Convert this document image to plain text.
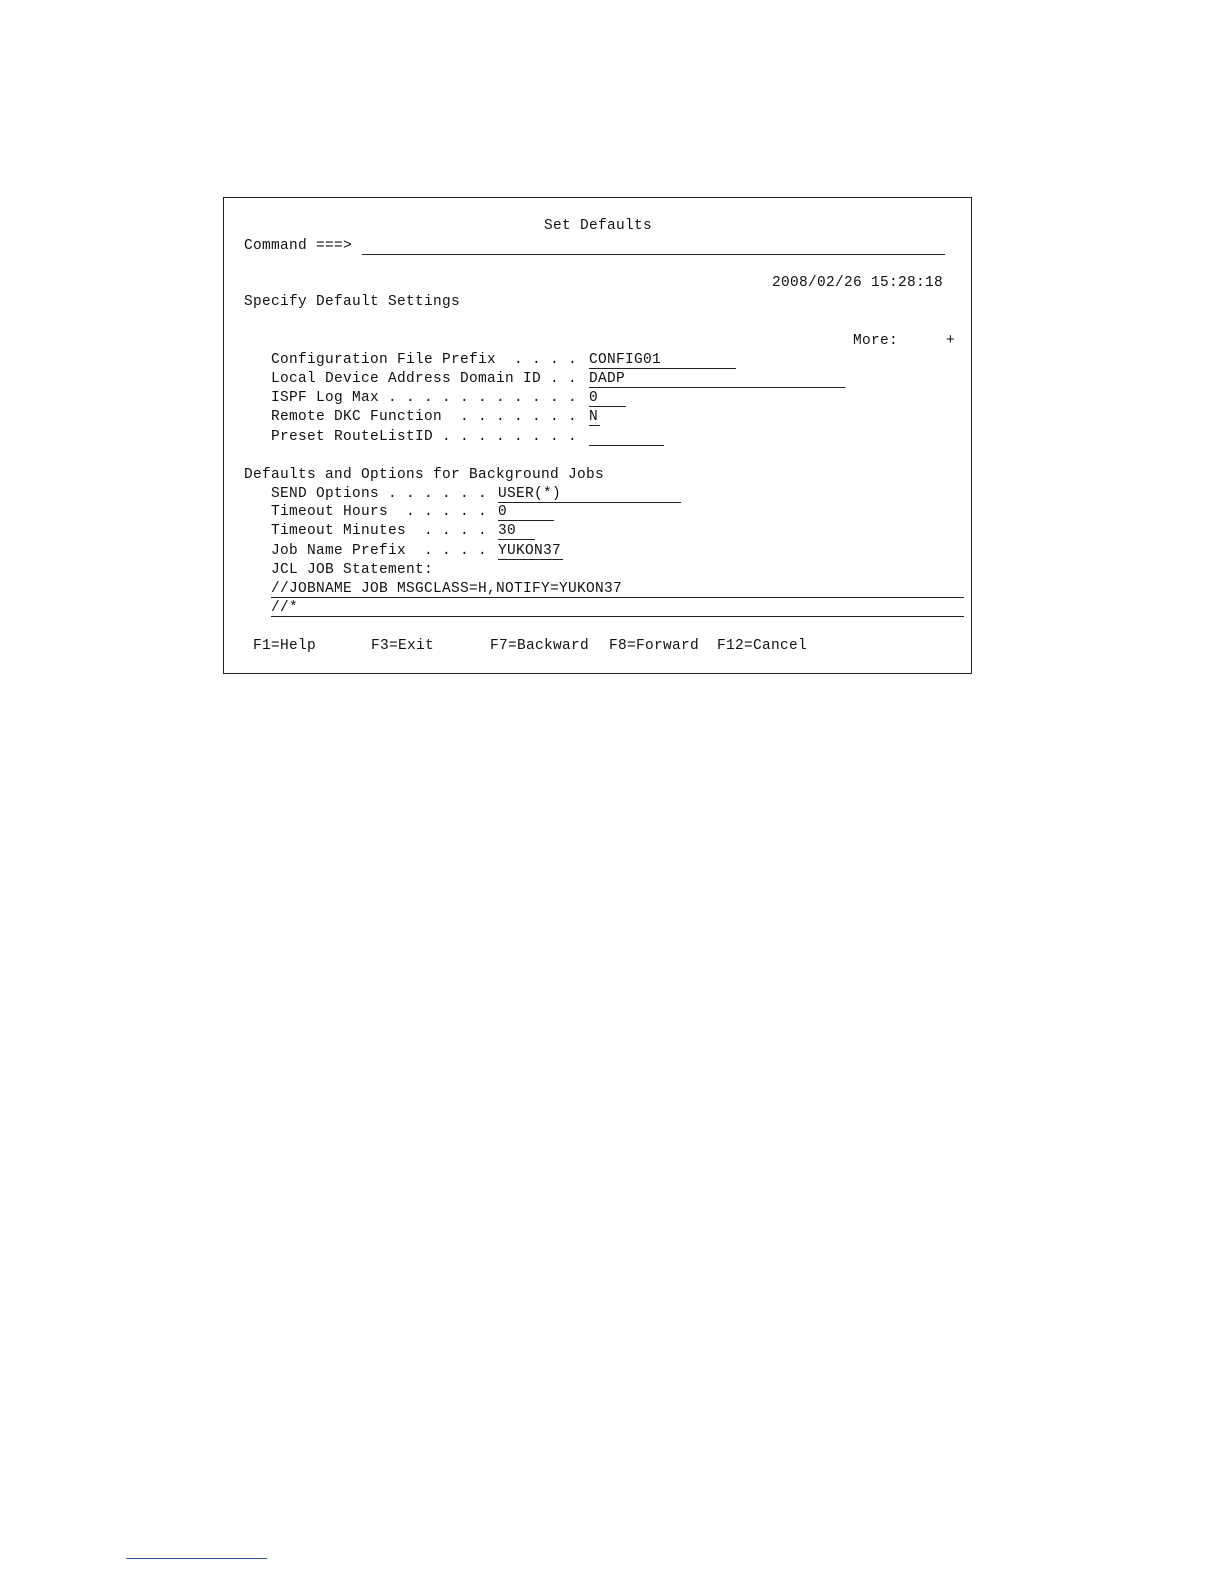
Set Defaults
Command ===>
2008/02/26 15:28:18
Specify Default Settings
More:	+
Configuration File Prefix  . . . .
CONFIG01
Local Device Address Domain ID . .
DADP
ISPF Log Max . . . . . . . . . . .
0
Remote DKC Function  . . . . . . .
N
Preset RouteListID . . . . . . . .
Defaults and Options for Background Jobs
SEND Options . . . . . .
USER(*)
Timeout Hours  . . . . .
0
Timeout Minutes  . . . .
30
Job Name Prefix  . . . .
YUKON37
JCL JOB Statement:
//JOBNAME JOB MSGCLASS=H,NOTIFY=YUKON37
//*
F1=Help	F3=Exit	F7=Backward F8=Forward F12=Cancel
